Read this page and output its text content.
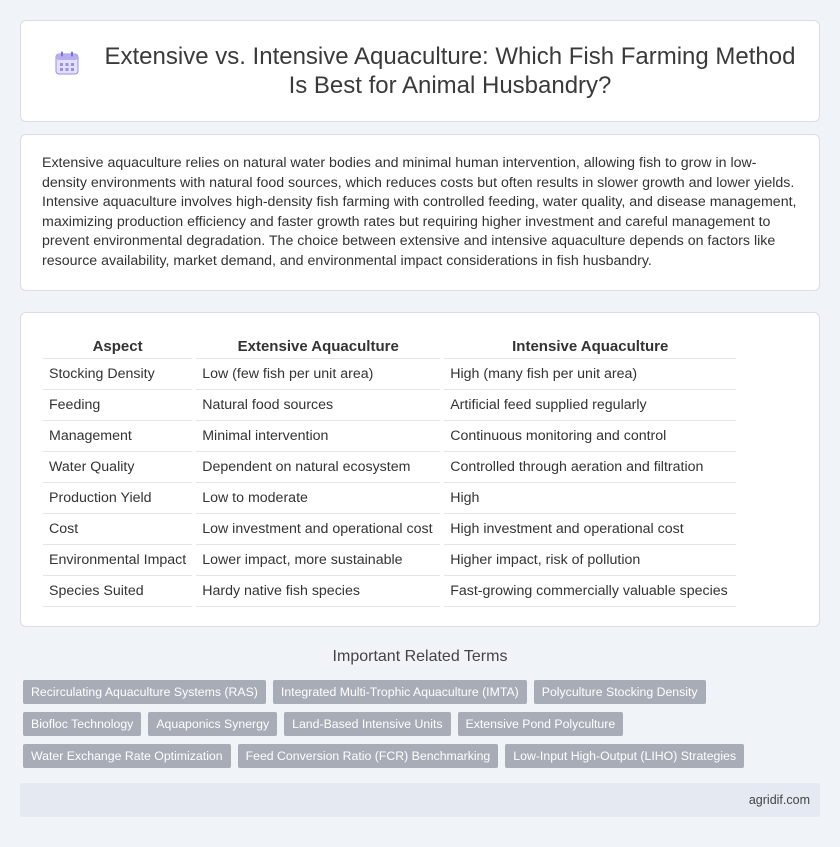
Extensive vs. Intensive Aquaculture: Which Fish Farming Method Is Best for Animal Husbandry?

Extensive aquaculture relies on natural water bodies and minimal human intervention, allowing fish to grow in low-density environments with natural food sources, which reduces costs but often results in slower growth and lower yields. Intensive aquaculture involves high-density fish farming with controlled feeding, water quality, and disease management, maximizing production efficiency and faster growth rates but requiring higher investment and careful management to prevent environmental degradation. The choice between extensive and intensive aquaculture depends on factors like resource availability, market demand, and environmental impact considerations in fish husbandry.

Aspect	Extensive Aquaculture	Intensive Aquaculture
Stocking Density	Low (few fish per unit area)	High (many fish per unit area)
Feeding	Natural food sources	Artificial feed supplied regularly
Management	Minimal intervention	Continuous monitoring and control
Water Quality	Dependent on natural ecosystem	Controlled through aeration and filtration
Production Yield	Low to moderate	High
Cost	Low investment and operational cost	High investment and operational cost
Environmental Impact	Lower impact, more sustainable	Higher impact, risk of pollution
Species Suited	Hardy native fish species	Fast-growing commercially valuable species
Important Related Terms
Recirculating Aquaculture Systems (RAS)	Integrated Multi-Trophic Aquaculture (IMTA)	Polyculture Stocking Density
Biofloc Technology	Aquaponics Synergy	Land-Based Intensive Units	Extensive Pond Polyculture
Water Exchange Rate Optimization	Feed Conversion Ratio (FCR) Benchmarking	Low-Input High-Output (LIHO) Strategies
agridif.com
